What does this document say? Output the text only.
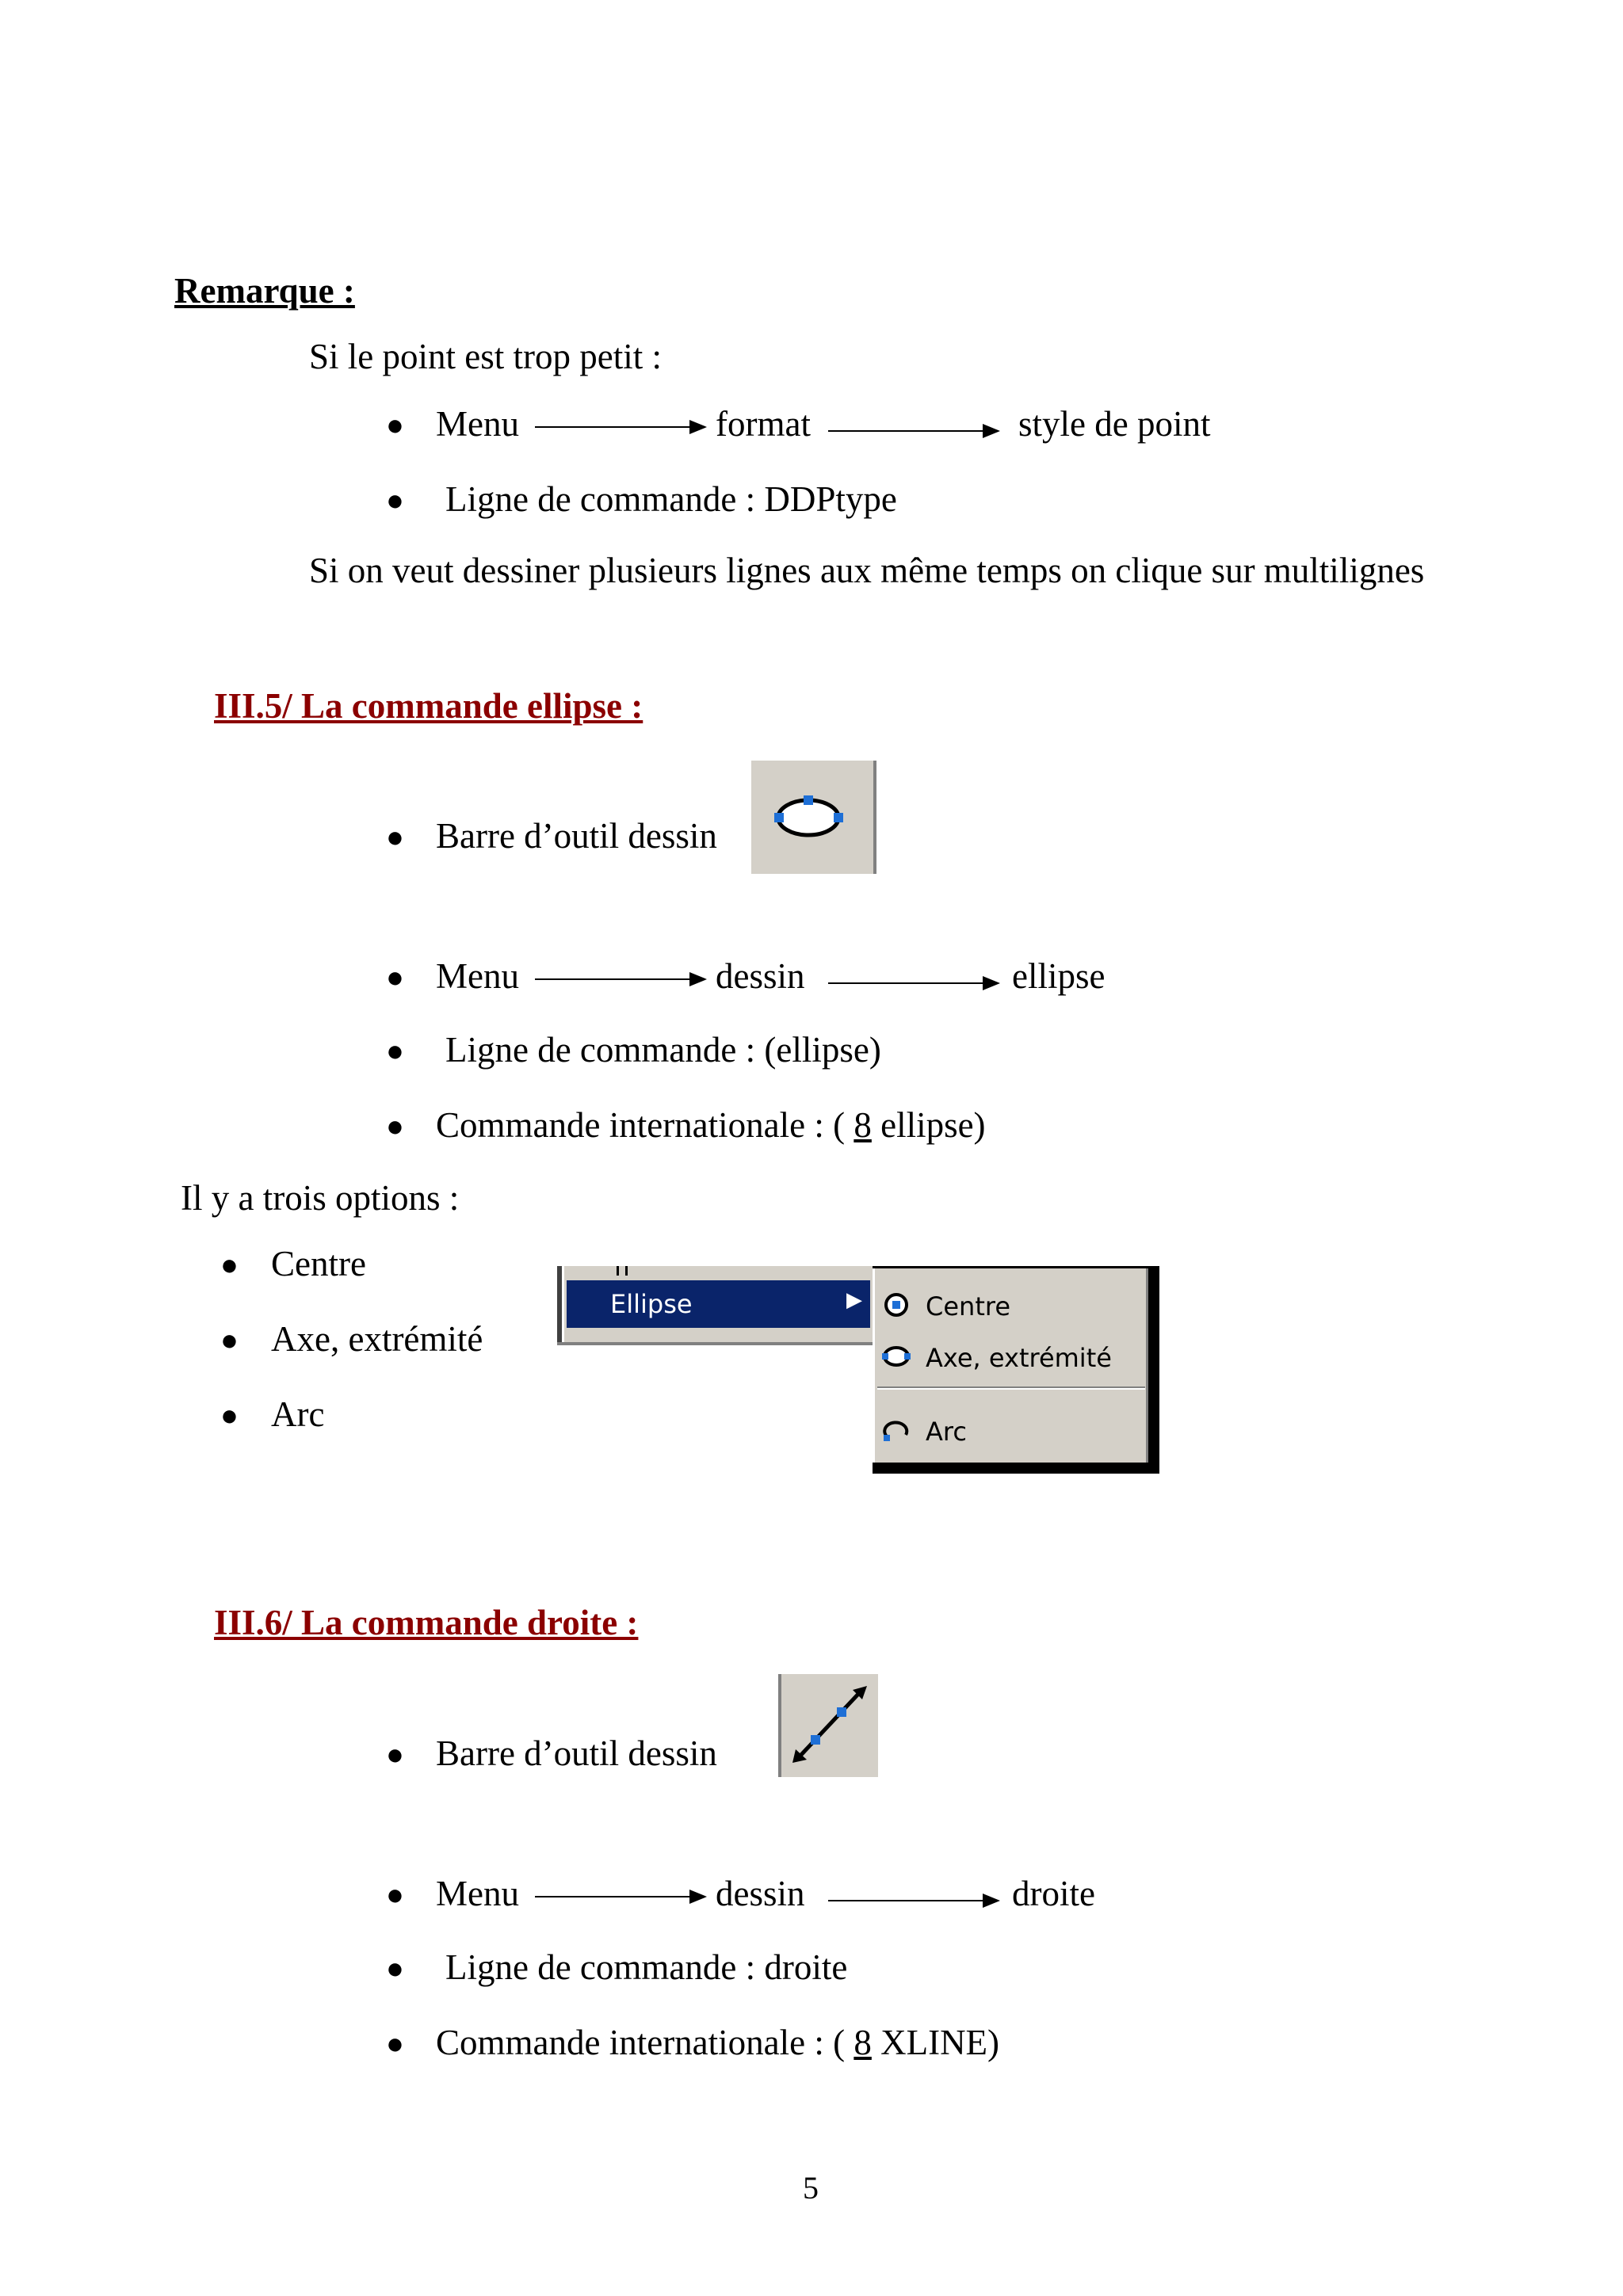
Remarque :
Si le point est trop petit :
● Menu	format	style de point
● Ligne de commande : DDPtype
Si on veut dessiner plusieurs lignes aux même temps on clique sur multilignes
III.5/ La commande ellipse :
● Barre d’outil dessin
● Menu	dessin	ellipse
● Ligne de commande : (ellipse)
● Commande internationale : ( 8 ellipse)
Il y a trois options :
● Centre
● Axe, extrémité
● Arc
Ellipse	▶	Centre
Axe, extrémité
Arc
III.6/ La commande droite :
● Barre d’outil dessin
● Menu	dessin	droite
● Ligne de commande : droite
● Commande internationale : ( 8 XLINE)
5
